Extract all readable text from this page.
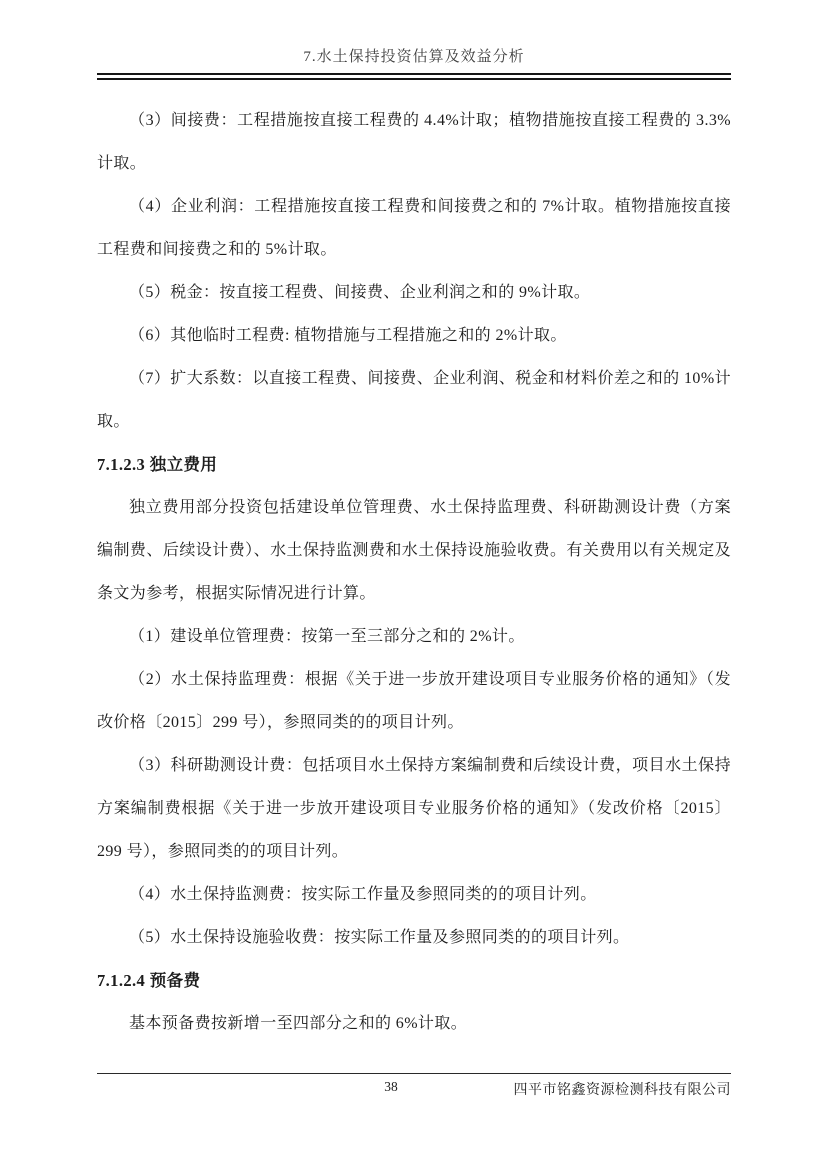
7.水土保持投资估算及效益分析

（3）间接费：工程措施按直接工程费的 4.4%计取；植物措施按直接工程费的 3.3%计取。

（4）企业利润：工程措施按直接工程费和间接费之和的 7%计取。植物措施按直接工程费和间接费之和的 5%计取。

（5）税金：按直接工程费、间接费、企业利润之和的 9%计取。

（6）其他临时工程费: 植物措施与工程措施之和的 2%计取。

（7）扩大系数：以直接工程费、间接费、企业利润、税金和材料价差之和的 10%计取。

7.1.2.3 独立费用

独立费用部分投资包括建设单位管理费、水土保持监理费、科研勘测设计费（方案编制费、后续设计费）、水土保持监测费和水土保持设施验收费。有关费用以有关规定及条文为参考，根据实际情况进行计算。

（1）建设单位管理费：按第一至三部分之和的 2%计。

（2）水土保持监理费：根据《关于进一步放开建设项目专业服务价格的通知》（发改价格〔2015〕299 号），参照同类的的项目计列。

（3）科研勘测设计费：包括项目水土保持方案编制费和后续设计费，项目水土保持方案编制费根据《关于进一步放开建设项目专业服务价格的通知》（发改价格〔2015〕299 号），参照同类的的项目计列。

（4）水土保持监测费：按实际工作量及参照同类的的项目计列。

（5）水土保持设施验收费：按实际工作量及参照同类的的项目计列。

7.1.2.4 预备费

基本预备费按新增一至四部分之和的 6%计取。

38	四平市铭鑫资源检测科技有限公司
